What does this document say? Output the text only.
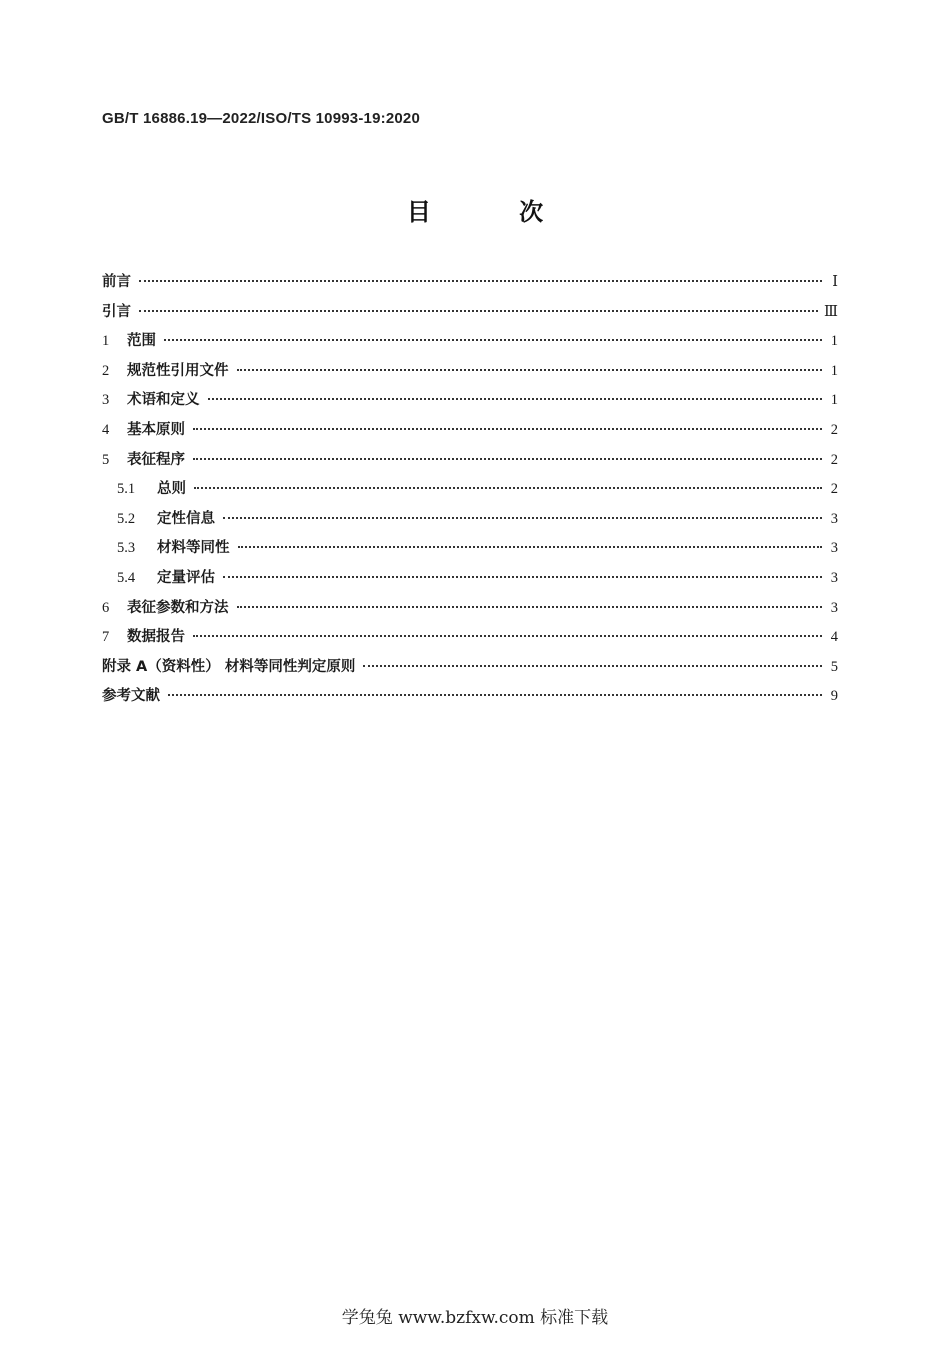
GB/T 16886.19—2022/ISO/TS 10993-19:2020
目 次
前言	Ⅰ
引言	Ⅲ
1	范围	1
2	规范性引用文件	1
3	术语和定义	1
4	基本原则	2
5	表征程序	2
5.1	总则	2
5.2	定性信息	3
5.3	材料等同性	3
5.4	定量评估	3
6	表征参数和方法	3
7	数据报告	4
附录 A（资料性） 材料等同性判定原则	5
参考文献	9
学兔兔 www.bzfxw.com 标准下载
